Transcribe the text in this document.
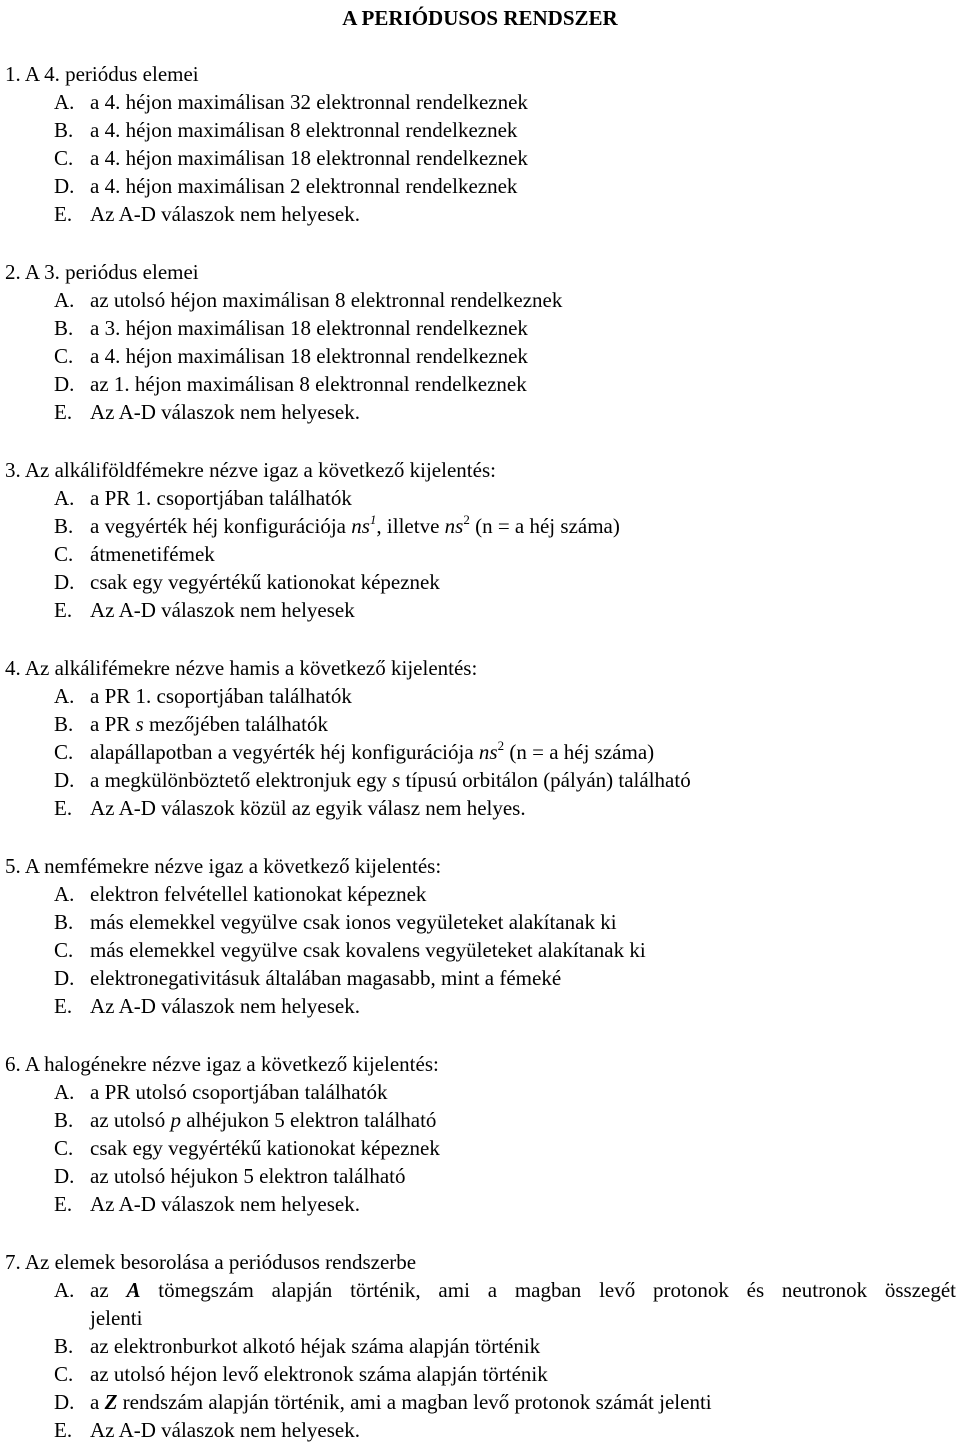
A PERIÓDUSOS RENDSZER
1. A 4. periódus elemei
A. a 4. héjon maximálisan 32 elektronnal rendelkeznek
B. a 4. héjon maximálisan 8 elektronnal rendelkeznek
C. a 4. héjon maximálisan 18 elektronnal rendelkeznek
D. a 4. héjon maximálisan 2 elektronnal rendelkeznek
E. Az A-D válaszok nem helyesek.
2. A 3. periódus elemei
A. az utolsó héjon maximálisan 8 elektronnal rendelkeznek
B. a 3. héjon maximálisan 18 elektronnal rendelkeznek
C. a 4. héjon maximálisan 18 elektronnal rendelkeznek
D. az 1. héjon maximálisan 8 elektronnal rendelkeznek
E. Az A-D válaszok nem helyesek.
3. Az alkáliföldfémekre nézve igaz a következő kijelentés:
A. a PR 1. csoportjában találhatók
B. a vegyérték héj konfigurációja $ns^1$, illetve $ns^2$ (n = a héj száma)
C. átmenetifémek
D. csak egy vegyértékű kationokat képeznek
E. Az A-D válaszok nem helyesek
4. Az alkálifémekre nézve hamis a következő kijelentés:
A. a PR 1. csoportjában találhatók
B. a PR s mezőjében találhatók
C. alapállapotban a vegyérték héj konfigurációja $ns^2$ (n = a héj száma)
D. a megkülönböztető elektronjuk egy s típusú orbitálon (pályán) található
E. Az A-D válaszok közül az egyik válasz nem helyes.
5. A nemfémekre nézve igaz a következő kijelentés:
A. elektron felvétellel kationokat képeznek
B. más elemekkel vegyülve csak ionos vegyületeket alakítanak ki
C. más elemekkel vegyülve csak kovalens vegyületeket alakítanak ki
D. elektronegativitásuk általában magasabb, mint a fémeké
E. Az A-D válaszok nem helyesek.
6. A halogénekre nézve igaz a következő kijelentés:
A. a PR utolsó csoportjában találhatók
B. az utolsó p alhéjukon 5 elektron található
C. csak egy vegyértékű kationokat képeznek
D. az utolsó héjukon 5 elektron található
E. Az A-D válaszok nem helyesek.
7. Az elemek besorolása a periódusos rendszerbe
A. az A tömegszám alapján történik, ami a magban levő protonok és neutronok összegét
jelenti
B. az elektronburkot alkotó héjak száma alapján történik
C. az utolsó héjon levő elektronok száma alapján történik
D. a Z rendszám alapján történik, ami a magban levő protonok számát jelenti
E. Az A-D válaszok nem helyesek.
